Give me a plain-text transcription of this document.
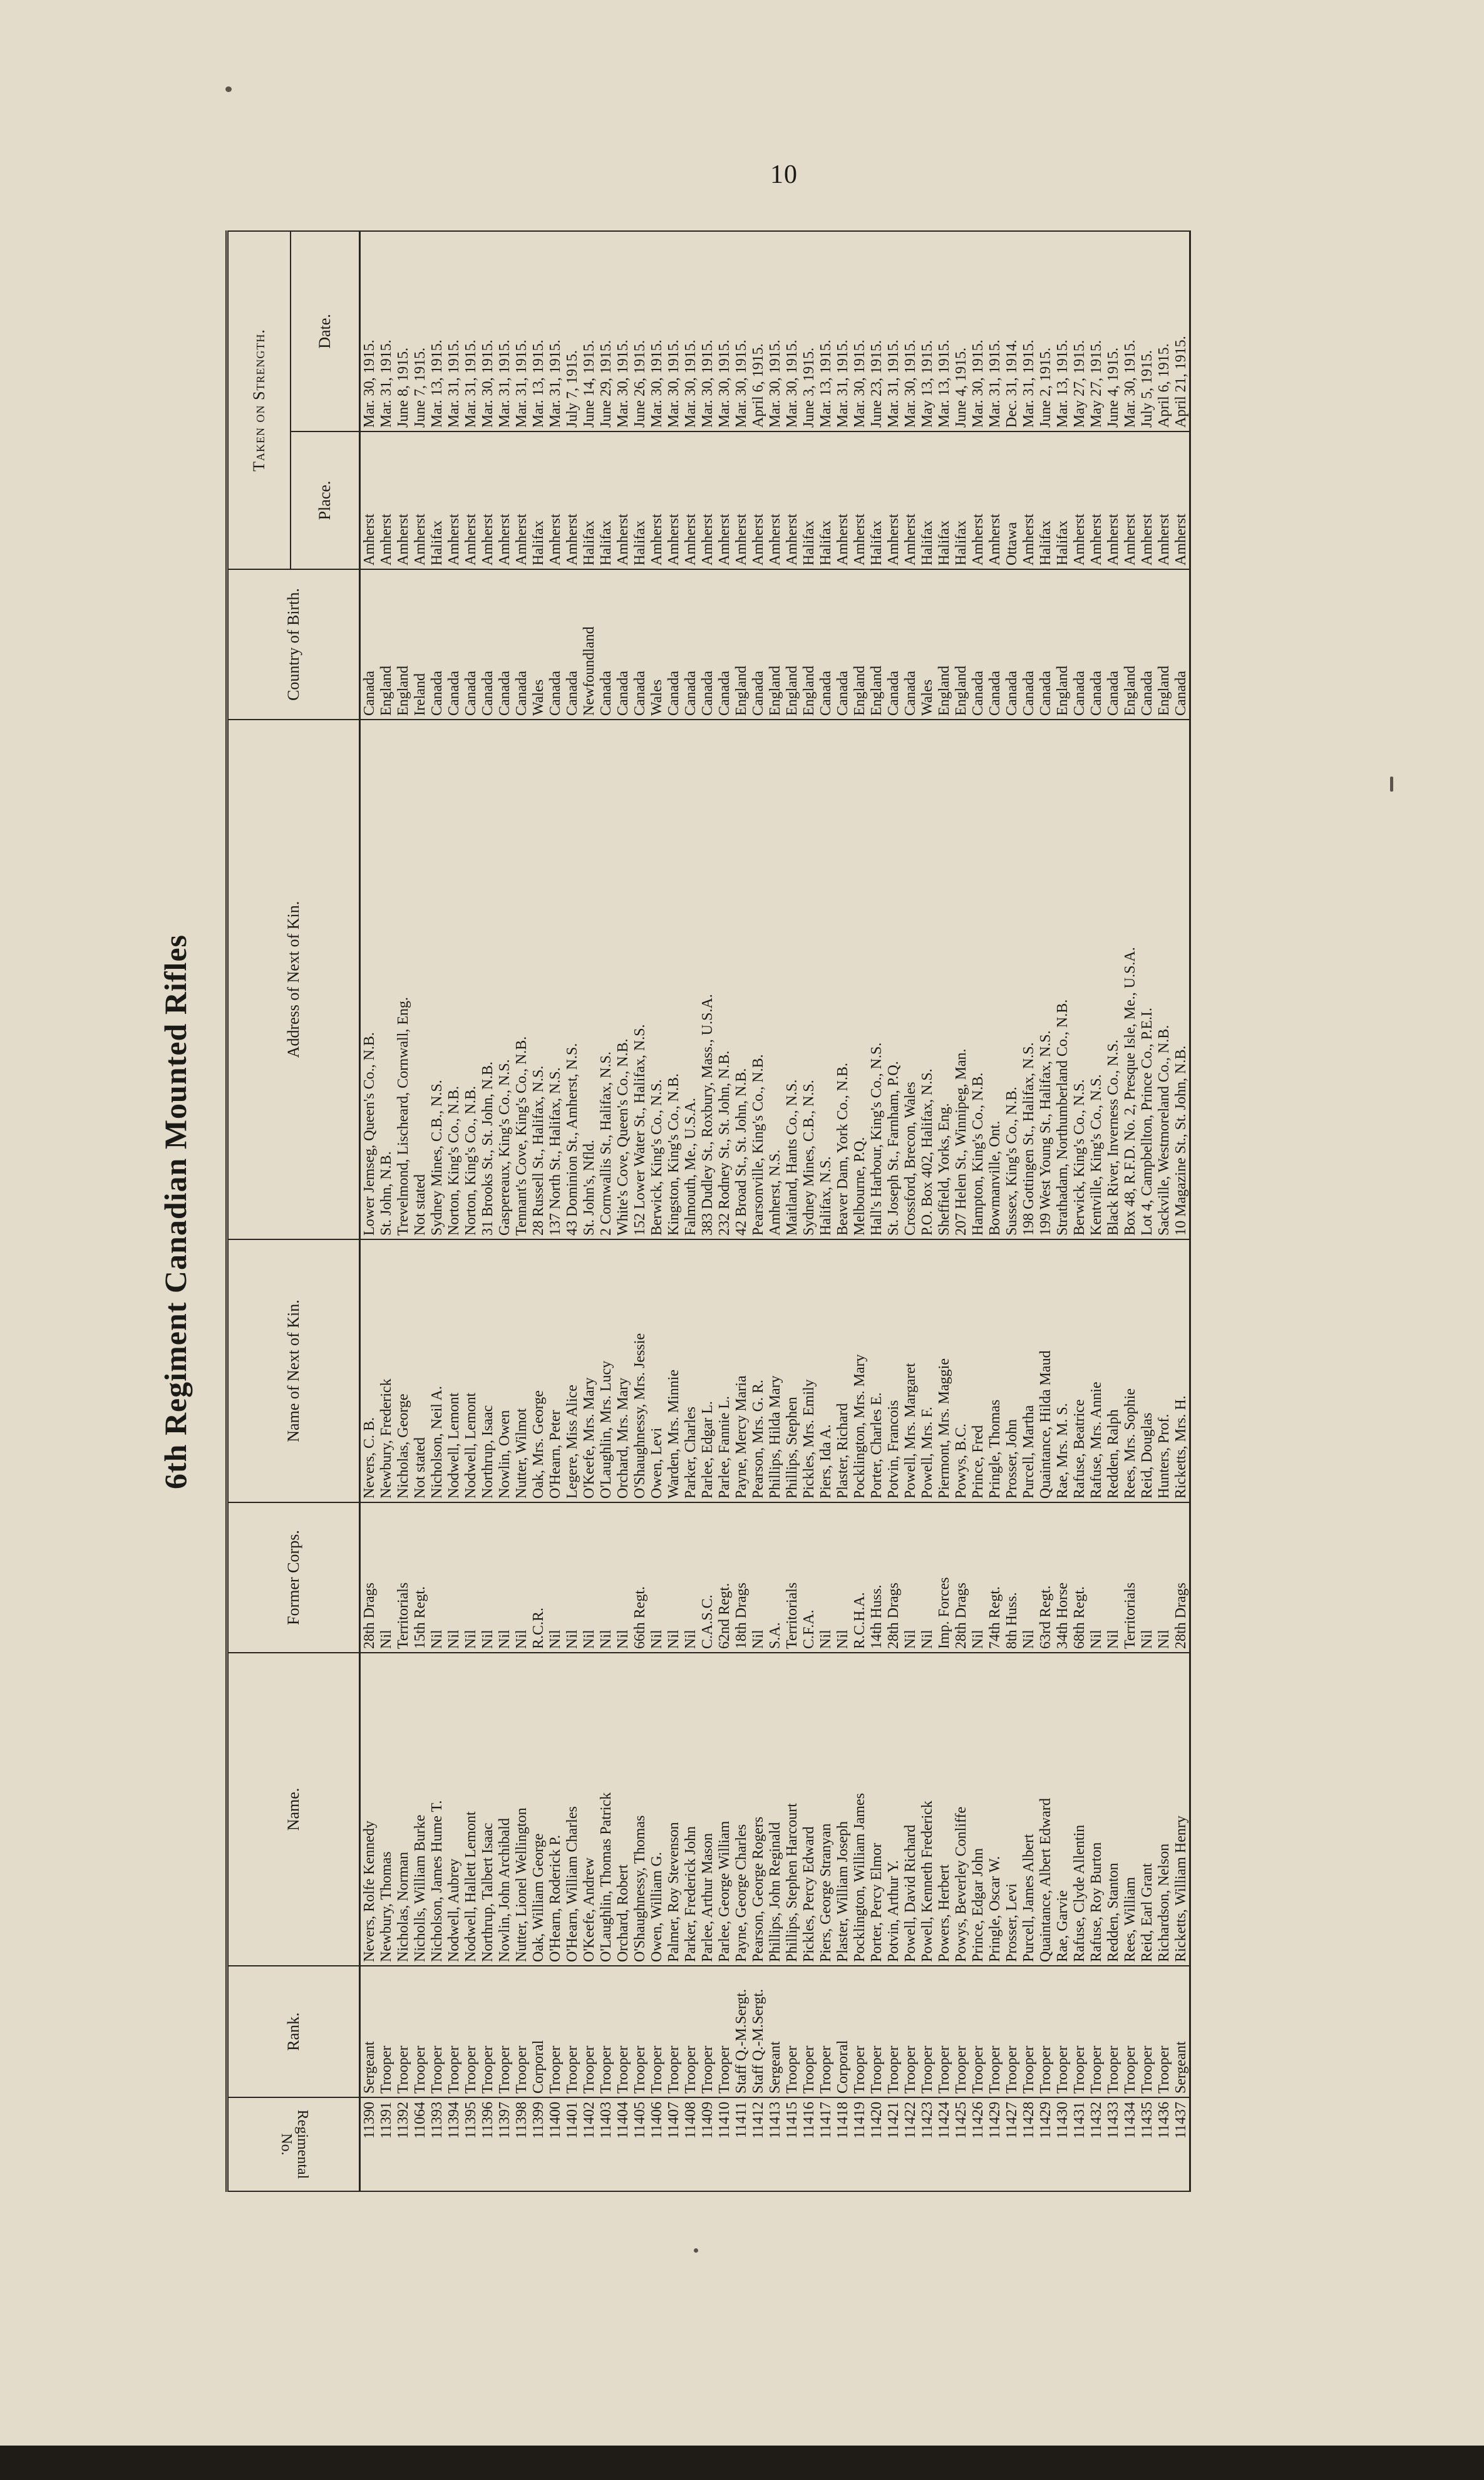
10
6th Regiment Canadian Mounted Rifles
Regimental No.	Rank.	Name.	Former Corps.	Name of Next of Kin.	Address of Next of Kin.	Country of Birth.	Taken on Strength.	
							Place.	Date.
11390	Sergeant	Nevers, Rolfe Kennedy	28th Drags	Nevers, C. B.	Lower Jemseg, Queen's Co., N.B.	Canada	Amherst	Mar. 30, 1915.
11391	Trooper	Newbury, Thomas	Nil	Newbury, Frederick	St. John, N.B.	England	Amherst	Mar. 31, 1915.
11392	Trooper	Nicholas, Norman	Territorials	Nicholas, George	Trevelmond, Lischeard, Cornwall, Eng.	England	Amherst	June 8, 1915.
11064	Trooper	Nicholls, William Burke	15th Regt.	Not stated	Not stated	Ireland	Amherst	June 7, 1915.
11393	Trooper	Nicholson, James Hume T.	Nil	Nicholson, Neil A.	Sydney Mines, C.B., N.S.	Canada	Halifax	Mar. 13, 1915.
11394	Trooper	Nodwell, Aubrey	Nil	Nodwell, Lemont	Norton, King's Co., N.B.	Canada	Amherst	Mar. 31, 1915.
11395	Trooper	Nodwell, Hallett Lemont	Nil	Nodwell, Lemont	Norton, King's Co., N.B.	Canada	Amherst	Mar. 31, 1915.
11396	Trooper	Northrup, Talbert Isaac	Nil	Northrup, Isaac	31 Brooks St., St. John, N.B.	Canada	Amherst	Mar. 30, 1915.
11397	Trooper	Nowlin, John Archibald	Nil	Nowlin, Owen	Gaspereaux, King's Co., N.S.	Canada	Amherst	Mar. 31, 1915.
11398	Trooper	Nutter, Lionel Wellington	Nil	Nutter, Wilmot	Tennant's Cove, King's Co., N.B.	Canada	Amherst	Mar. 31, 1915.
11399	Corporal	Oak, William George	R.C.R.	Oak, Mrs. George	28 Russell St., Halifax, N.S.	Wales	Halifax	Mar. 13, 1915.
11400	Trooper	O'Hearn, Roderick P.	Nil	O'Hearn, Peter	137 North St., Halifax, N.S.	Canada	Amherst	Mar. 31, 1915.
11401	Trooper	O'Hearn, William Charles	Nil	Legere, Miss Alice	43 Dominion St., Amherst, N.S.	Canada	Amherst	July 7, 1915.
11402	Trooper	O'Keefe, Andrew	Nil	O'Keefe, Mrs. Mary	St. John's, Nfld.	Newfoundland	Halifax	June 14, 1915.
11403	Trooper	O'Laughlin, Thomas Patrick	Nil	O'Laughlin, Mrs. Lucy	2 Cornwallis St., Halifax, N.S.	Canada	Halifax	June 29, 1915.
11404	Trooper	Orchard, Robert	Nil	Orchard, Mrs. Mary	White's Cove, Queen's Co., N.B.	Canada	Amherst	Mar. 30, 1915.
11405	Trooper	O'Shaughnessy, Thomas	66th Regt.	O'Shaughnessy, Mrs. Jessie	152 Lower Water St., Halifax, N.S.	Canada	Halifax	June 26, 1915.
11406	Trooper	Owen, William G.	Nil	Owen, Levi	Berwick, King's Co., N.S.	Wales	Amherst	Mar. 30, 1915.
11407	Trooper	Palmer, Roy Stevenson	Nil	Warden, Mrs. Minnie	Kingston, King's Co., N.B.	Canada	Amherst	Mar. 30, 1915.
11408	Trooper	Parker, Frederick John	Nil	Parker, Charles	Falmouth, Me., U.S.A.	Canada	Amherst	Mar. 30, 1915.
11409	Trooper	Parlee, Arthur Mason	C.A.S.C.	Parlee, Edgar L.	383 Dudley St., Roxbury, Mass., U.S.A.	Canada	Amherst	Mar. 30, 1915.
11410	Trooper	Parlee, George William	62nd Regt.	Parlee, Fannie L.	232 Rodney St., St. John, N.B.	Canada	Amherst	Mar. 30, 1915.
11411	Staff Q.-M.Sergt.	Payne, George Charles	18th Drags	Payne, Mercy Maria	42 Broad St., St. John, N.B.	England	Amherst	Mar. 30, 1915.
11412	Staff Q.-M.Sergt.	Pearson, George Rogers	Nil	Pearson, Mrs. G. R.	Pearsonville, King's Co., N.B.	Canada	Amherst	April 6, 1915.
11413	Sergeant	Phillips, John Reginald	S.A.	Phillips, Hilda Mary	Amherst, N.S.	England	Amherst	Mar. 30, 1915.
11415	Trooper	Phillips, Stephen Harcourt	Territorials	Phillips, Stephen	Maitland, Hants Co., N.S.	England	Amherst	Mar. 30, 1915.
11416	Trooper	Pickles, Percy Edward	C.F.A.	Pickles, Mrs. Emily	Sydney Mines, C.B., N.S.	England	Halifax	June 3, 1915.
11417	Trooper	Piers, George Stranyan	Nil	Piers, Ida A.	Halifax, N.S.	Canada	Halifax	Mar. 13, 1915.
11418	Corporal	Plaster, William Joseph	Nil	Plaster, Richard	Beaver Dam, York Co., N.B.	Canada	Amherst	Mar. 31, 1915.
11419	Trooper	Pocklington, William James	R.C.H.A.	Pocklington, Mrs. Mary	Melbourne, P.Q.	England	Amherst	Mar. 30, 1915.
11420	Trooper	Porter, Percy Elmor	14th Huss.	Porter, Charles E.	Hall's Harbour, King's Co., N.S.	England	Halifax	June 23, 1915.
11421	Trooper	Potvin, Arthur Y.	28th Drags	Potvin, Francois	St. Joseph St., Farnham, P.Q.	Canada	Amherst	Mar. 31, 1915.
11422	Trooper	Powell, David Richard	Nil	Powell, Mrs. Margaret	Crossford, Brecon, Wales	Canada	Amherst	Mar. 30, 1915.
11423	Trooper	Powell, Kenneth Frederick	Nil	Powell, Mrs. F.	P.O. Box 402, Halifax, N.S.	Wales	Halifax	May 13, 1915.
11424	Trooper	Powers, Herbert	Imp. Forces	Piermont, Mrs. Maggie	Sheffield, Yorks, Eng.	England	Halifax	Mar. 13, 1915.
11425	Trooper	Powys, Beverley Conliffe	28th Drags	Powys, B.C.	207 Helen St., Winnipeg, Man.	England	Halifax	June 4, 1915.
11426	Trooper	Prince, Edgar John	Nil	Prince, Fred	Hampton, King's Co., N.B.	Canada	Amherst	Mar. 30, 1915.
11429	Trooper	Pringle, Oscar W.	74th Regt.	Pringle, Thomas	Bowmanville, Ont.	Canada	Amherst	Mar. 31, 1915.
11427	Trooper	Prosser, Levi	8th Huss.	Prosser, John	Sussex, King's Co., N.B.	Canada	Ottawa	Dec. 31, 1914.
11428	Trooper	Purcell, James Albert	Nil	Purcell, Martha	198 Gottingen St., Halifax, N.S.	Canada	Amherst	Mar. 31, 1915.
11429	Trooper	Quaintance, Albert Edward	63rd Regt.	Quaintance, Hilda Maud	199 West Young St., Halifax, N.S.	Canada	Halifax	June 2, 1915.
11430	Trooper	Rae, Garvie	34th Horse	Rae, Mrs. M. S.	Strathadam, Northumberland Co., N.B.	England	Halifax	Mar. 13, 1915.
11431	Trooper	Rafuse, Clyde Allentin	68th Regt.	Rafuse, Beatrice	Berwick, King's Co., N.S.	Canada	Amherst	May 27, 1915.
11432	Trooper	Rafuse, Roy Burton	Nil	Rafuse, Mrs. Annie	Kentville, King's Co., N.S.	Canada	Amherst	May 27, 1915.
11433	Trooper	Redden, Stanton	Nil	Redden, Ralph	Black River, Inverness Co., N.S.	Canada	Amherst	June 4, 1915.
11434	Trooper	Rees, William	Territorials	Rees, Mrs. Sophie	Box 48, R.F.D. No. 2, Presque Isle, Me., U.S.A.	England	Amherst	Mar. 30, 1915.
11435	Trooper	Reid, Earl Grant	Nil	Reid, Douglas	Lot 4, Campbellton, Prince Co., P.E.I.	Canada	Amherst	July 5, 1915.
11436	Trooper	Richardson, Nelson	Nil	Hunters, Prof.	Sackville, Westmoreland Co., N.B.	England	Amherst	April 6, 1915.
11437	Sergeant	Ricketts, William Henry	28th Drags	Ricketts, Mrs. H.	10 Magazine St., St. John, N.B.	Canada	Amherst	April 21, 1915.
